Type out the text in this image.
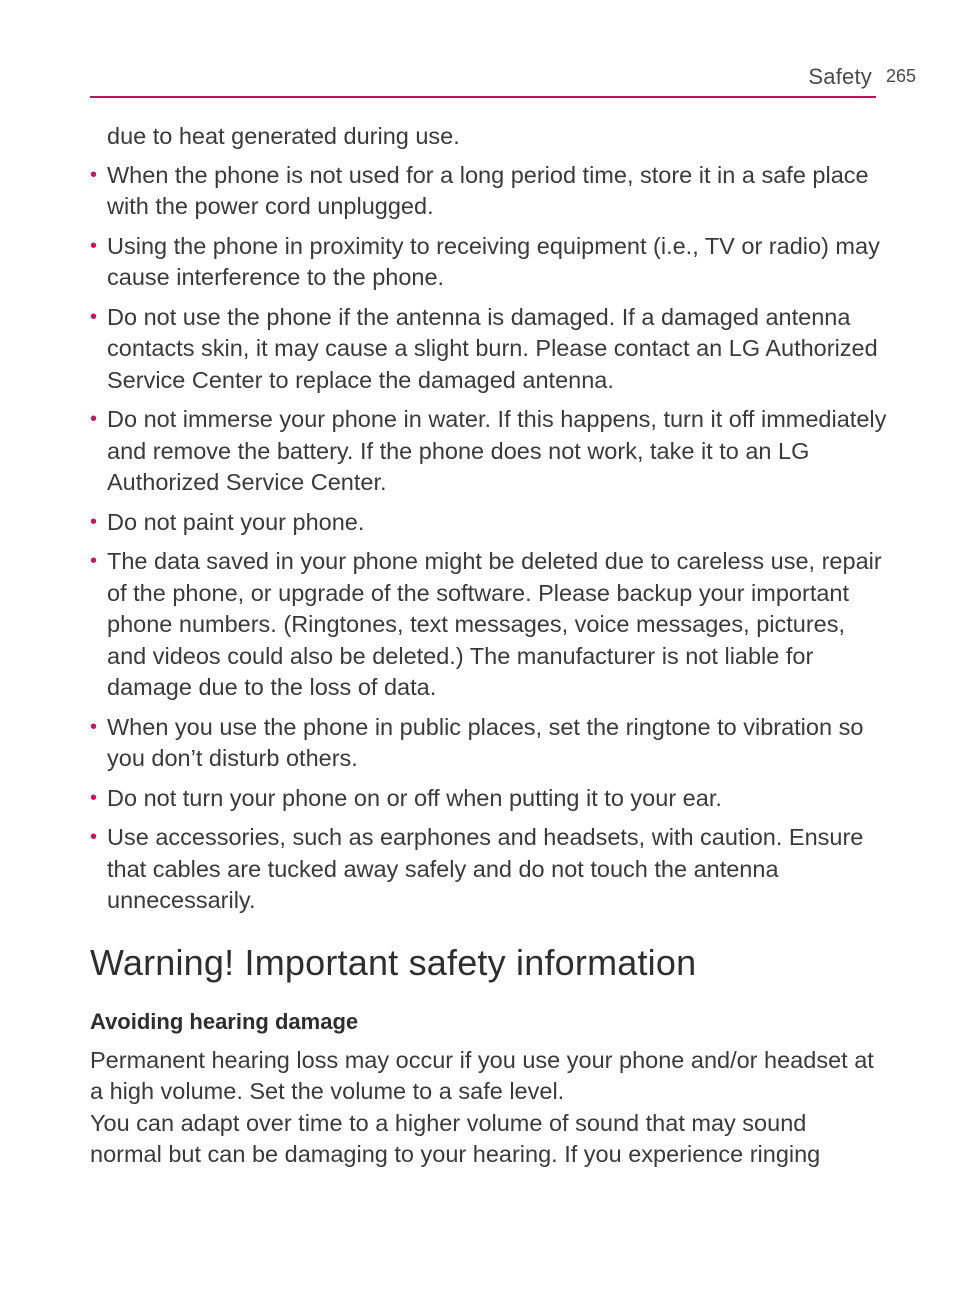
Safety 265
due to heat generated during use.
• When the phone is not used for a long period time, store it in a safe place with the power cord unplugged.
• Using the phone in proximity to receiving equipment (i.e., TV or radio) may cause interference to the phone.
• Do not use the phone if the antenna is damaged. If a damaged antenna contacts skin, it may cause a slight burn. Please contact an LG Authorized Service Center to replace the damaged antenna.
• Do not immerse your phone in water. If this happens, turn it off immediately and remove the battery. If the phone does not work, take it to an LG Authorized Service Center.
• Do not paint your phone.
• The data saved in your phone might be deleted due to careless use, repair of the phone, or upgrade of the software. Please backup your important phone numbers. (Ringtones, text messages, voice messages, pictures, and videos could also be deleted.) The manufacturer is not liable for damage due to the loss of data.
• When you use the phone in public places, set the ringtone to vibration so you don’t disturb others.
• Do not turn your phone on or off when putting it to your ear.
• Use accessories, such as earphones and headsets, with caution. Ensure that cables are tucked away safely and do not touch the antenna unnecessarily.
Warning! Important safety information
Avoiding hearing damage

Permanent hearing loss may occur if you use your phone and/or headset at a high volume. Set the volume to a safe level.

You can adapt over time to a higher volume of sound that may sound normal but can be damaging to your hearing. If you experience ringing
